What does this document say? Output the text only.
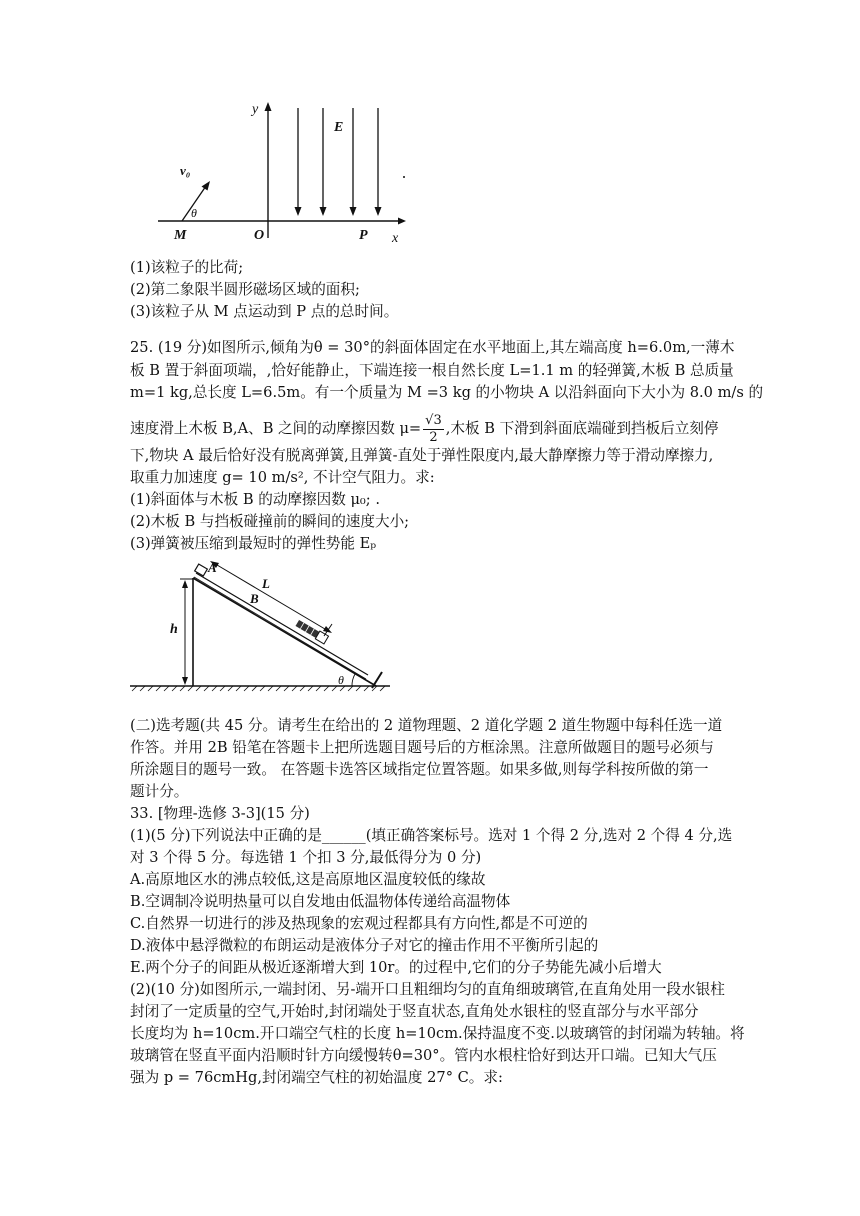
y
x
E
v₀
θ
M	O	P
(1)该粒子的比荷;
(2)第二象限半圆形磁场区域的面积;
(3)该粒子从 M 点运动到 P 点的总时间。
25. (19 分)如图所示,倾角为θ = 30°的斜面体固定在水平地面上,其左端高度 h=6.0m,一薄木
板 B 置于斜面项端，,恰好能静止，下端连接一根自然长度 L=1.1 m 的轻弹簧,木板 B 总质量
m=1 kg,总长度 L=6.5m。有一个质量为 M =3 kg 的小物块 A 以沿斜面向下大小为 8.0 m/s 的
速度滑上木板 B,A、B 之间的动摩擦因数 $\mu= \frac{√3}{2}$ ,木板 B 下滑到斜面底端碰到挡板后立刻停
下,物块 A 最后恰好没有脱离弹簧,且弹簧-直处于弹性限度内,最大静摩擦力等于滑动摩擦力,
取重力加速度 g= 10 m/s², 不计空气阻力。求:
(1)斜面体与木板 B 的动摩擦因数 μ₀; .
(2)木板 B 与挡板碰撞前的瞬间的速度大小;
(3)弹簧被压缩到最短时的弹性势能 Eₚ
A
L
B
h
θ
(二)选考题(共 45 分。请考生在给出的 2 道物理题、2 道化学题 2 道生物题中每科任选一道
作答。并用 2B 铅笔在答题卡上把所选题目题号后的方框涂黑。注意所做题目的题号必须与
所涂题目的题号一致。 在答题卡选答区域指定位置答题。如果多做,则每学科按所做的第一
题计分。
33. [物理-选修 3-3](15 分)
(1)(5 分)下列说法中正确的是______(填正确答案标号。选对 1 个得 2 分,选对 2 个得 4 分,选
对 3 个得 5 分。每选错 1 个扣 3 分,最低得分为 0 分)
A.高原地区水的沸点较低,这是高原地区温度较低的缘故
B.空调制冷说明热量可以自发地由低温物体传递给高温物体
C.自然界一切进行的涉及热现象的宏观过程都具有方向性,都是不可逆的
D.液体中悬浮微粒的布朗运动是液体分子对它的撞击作用不平衡所引起的
E.两个分子的间距从极近逐渐增大到 10r。的过程中,它们的分子势能先减小后增大
(2)(10 分)如图所示,一端封闭、另-端开口且粗细均匀的直角细玻璃管,在直角处用一段水银柱
封闭了一定质量的空气,开始时,封闭端处于竖直状态,直角处水银柱的竖直部分与水平部分
长度均为 h=10cm.开口端空气柱的长度 h=10cm.保持温度不变.以玻璃管的封闭端为转轴。将
玻璃管在竖直平面内沿顺时针方向缓慢转θ=30°。管内水根柱恰好到达开口端。已知大气压
强为 p = 76cmHg,封闭端空气柱的初始温度 27° C。求:
